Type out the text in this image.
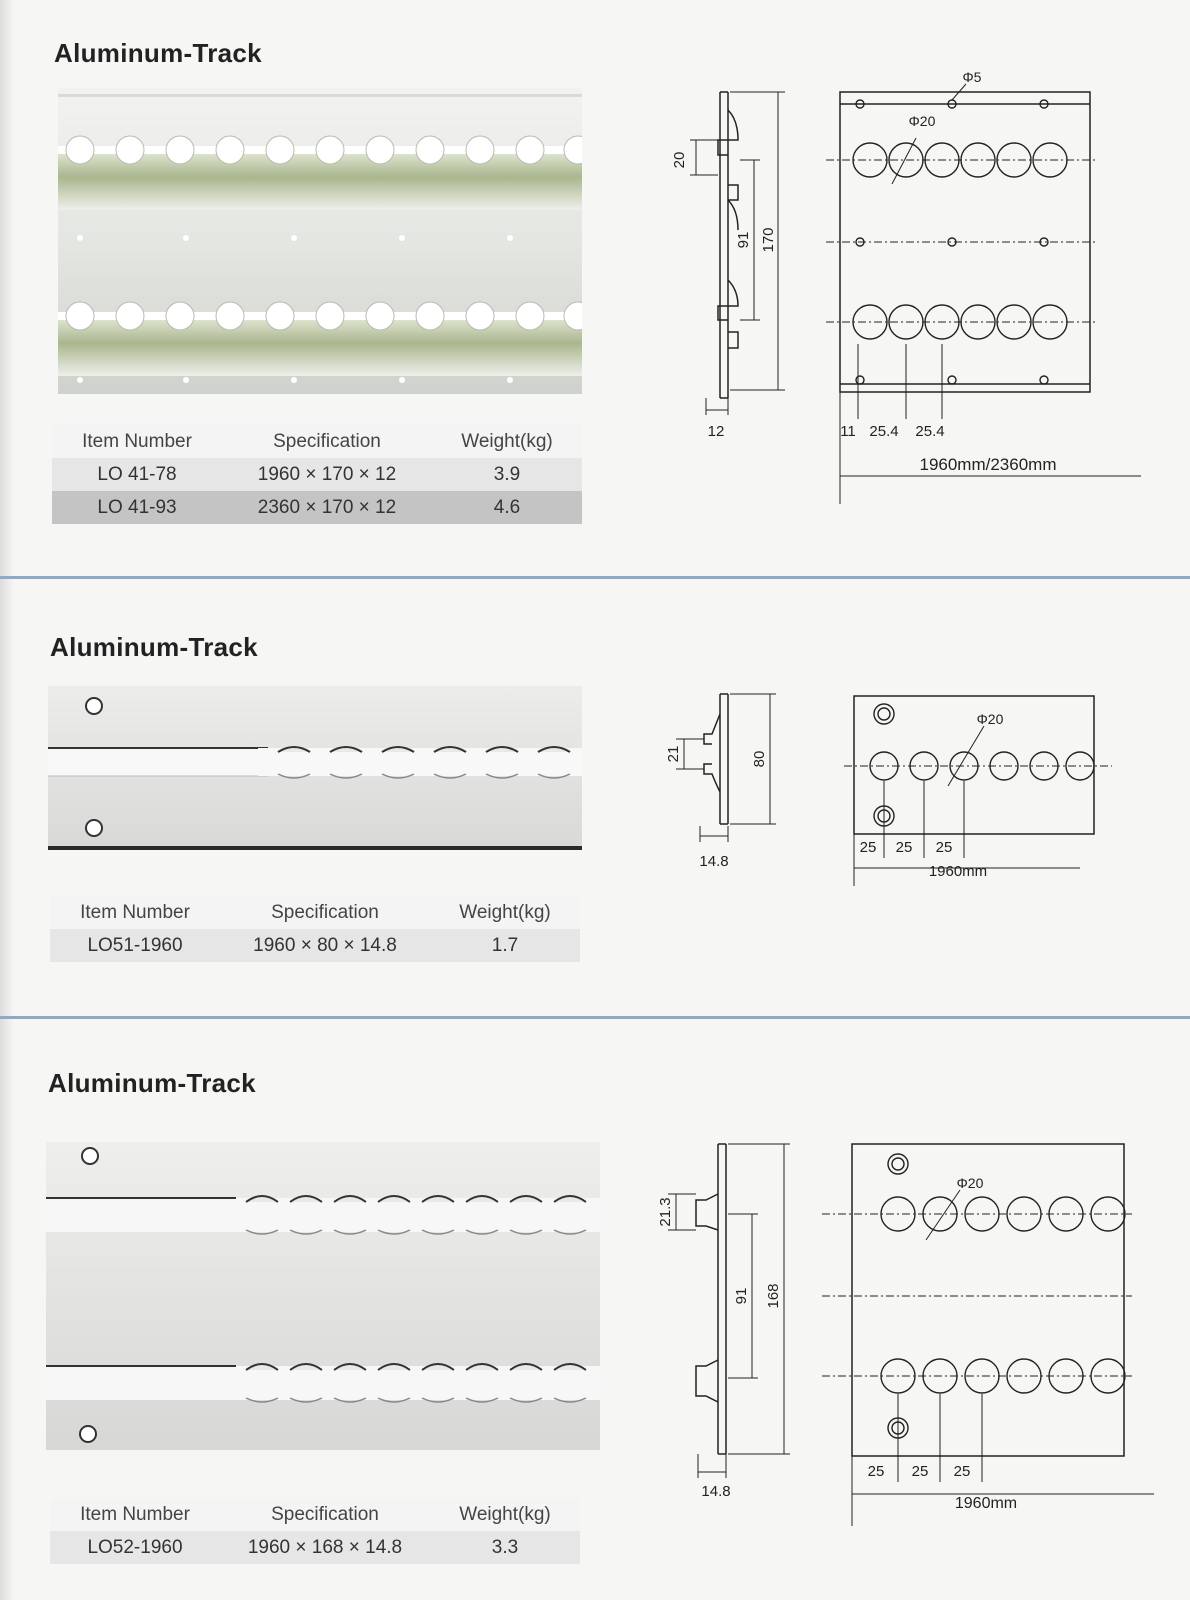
Aluminum-Track
Item Number	Specification	Weight(kg)
LO 41-78	1960 × 170 × 12	3.9
LO 41-93	2360 × 170 × 12	4.6
20
91 170
12
Φ5
Φ20
11 25.4 25.4
1960mm/2360mm
Aluminum-Track
Item Number	Specification	Weight(kg)
LO51-1960	1960 × 80 × 14.8	1.7
21	80
14.8
Φ20
25 25 25
1960mm
Aluminum-Track
Item Number	Specification	Weight(kg)
LO52-1960	1960 × 168 × 14.8	3.3
21.3
91 168
14.8
Φ20
25 25 25
1960mm
